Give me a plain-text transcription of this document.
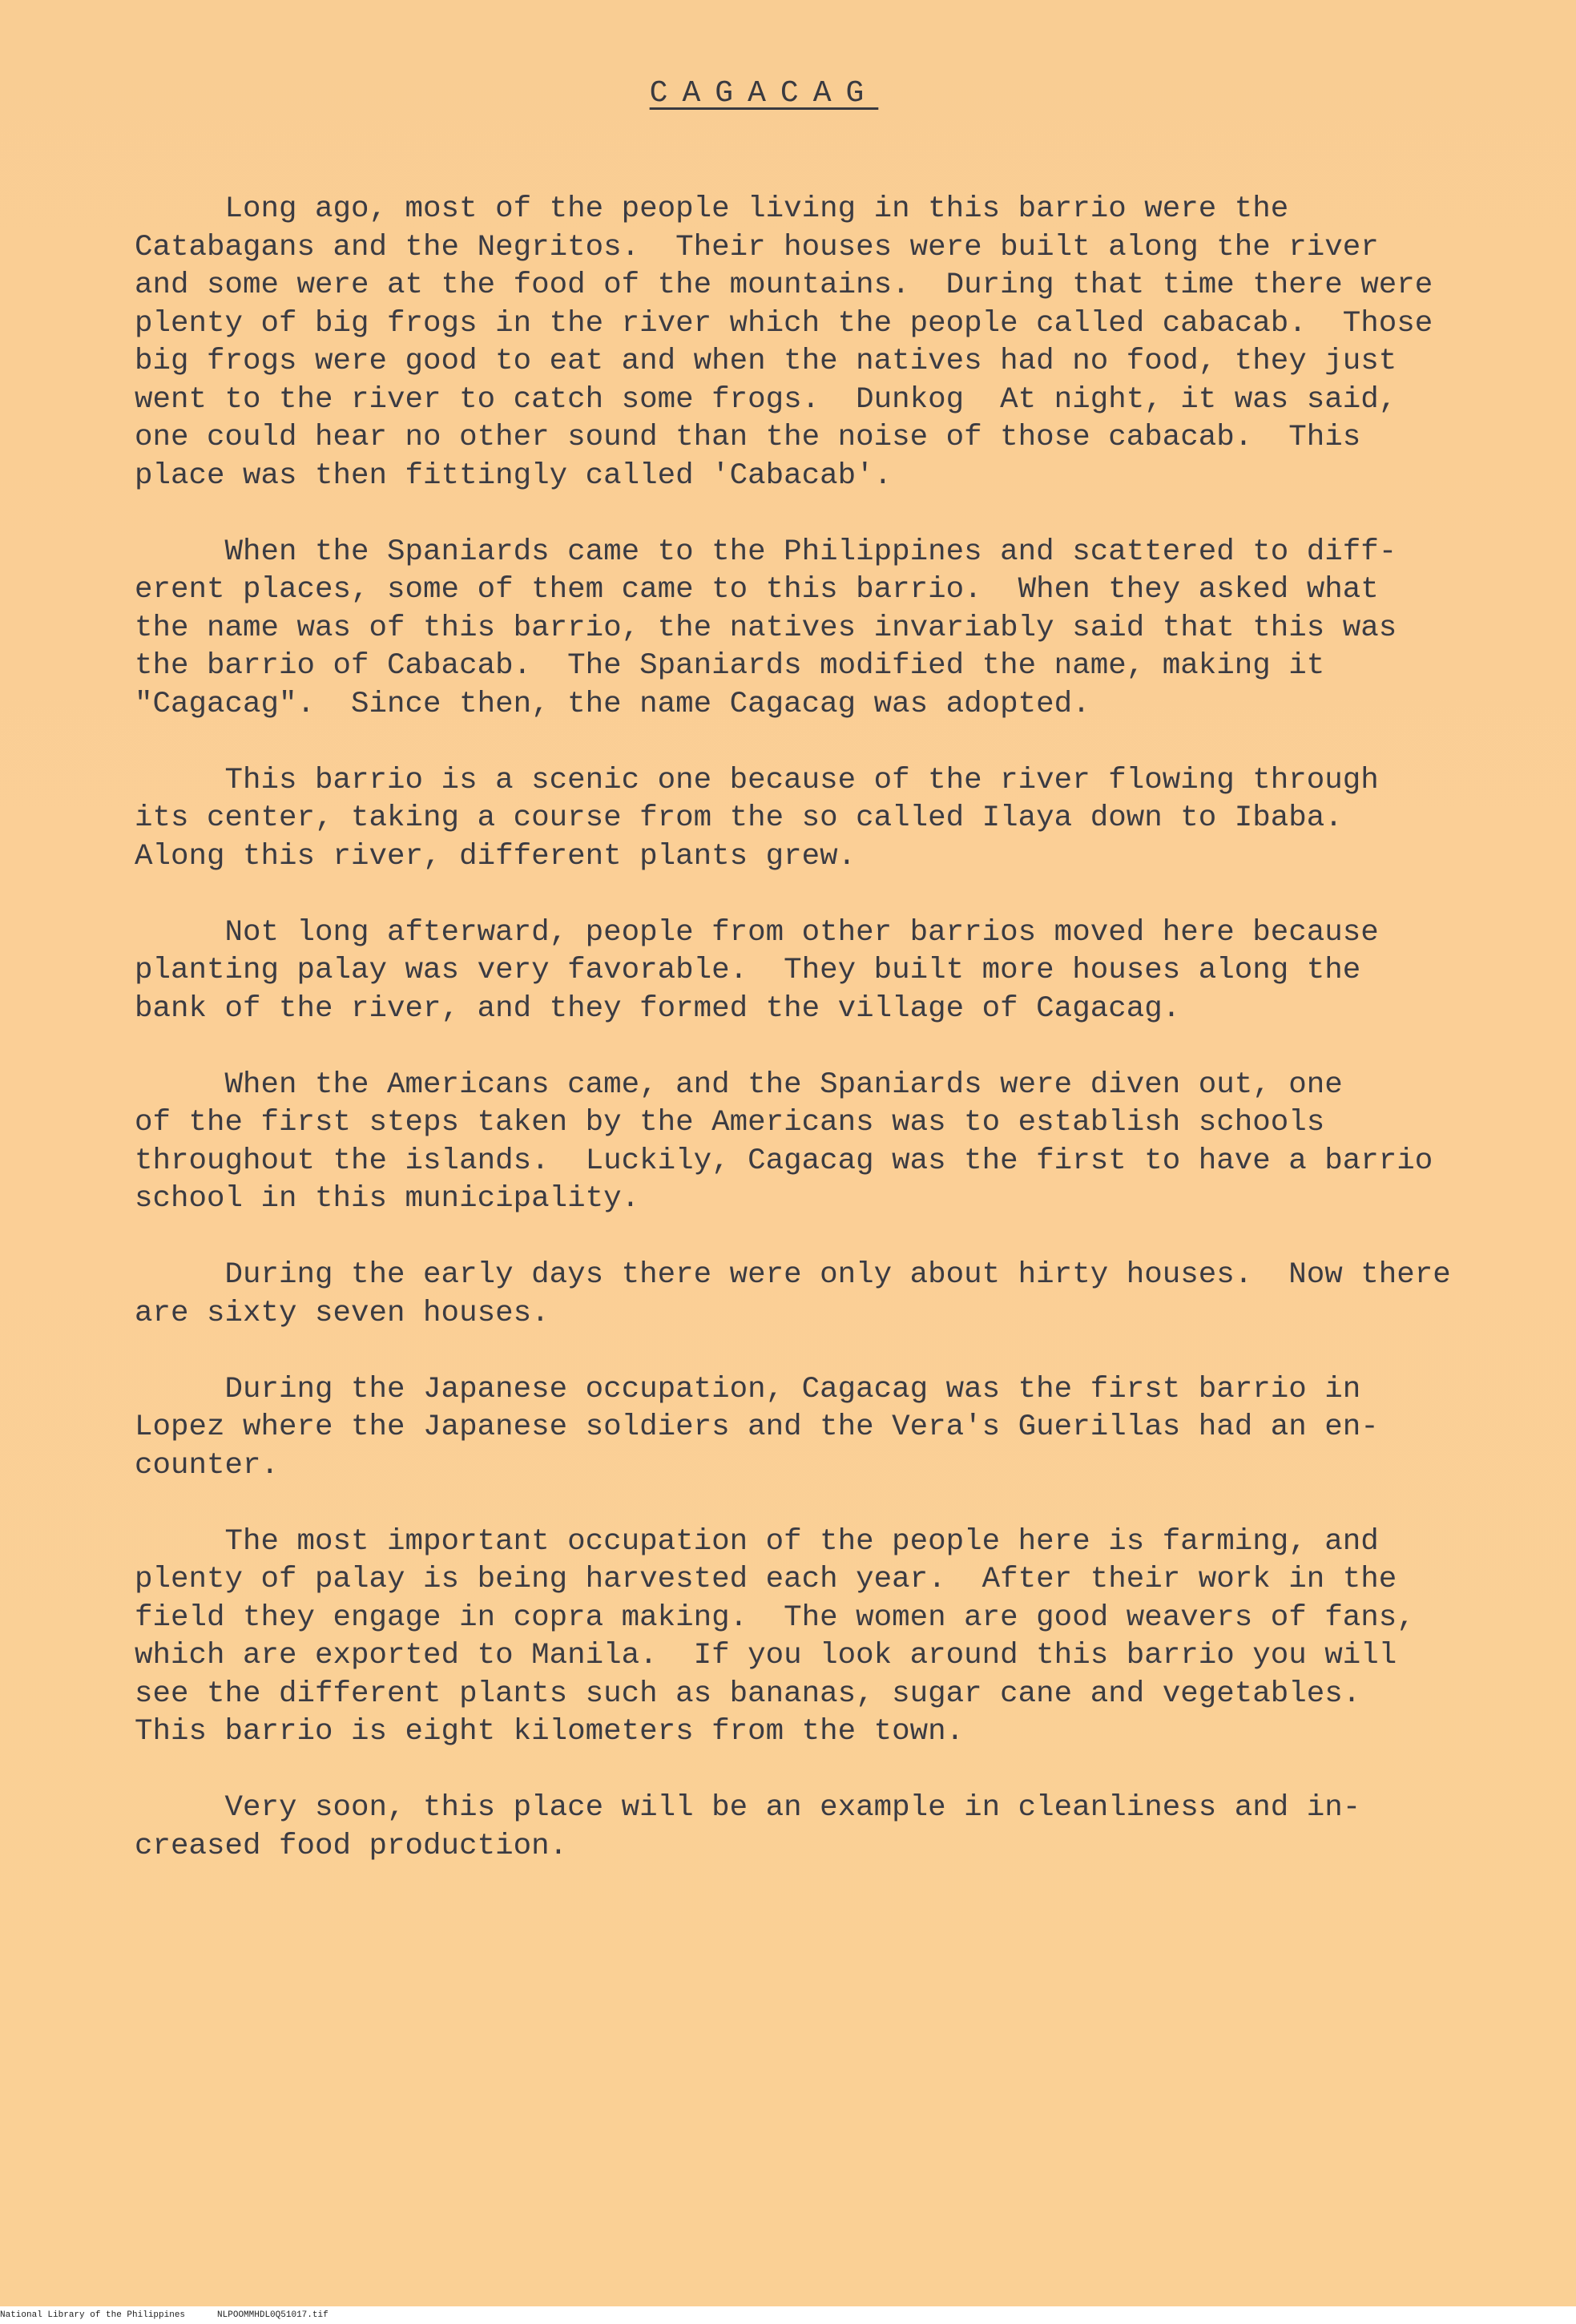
CAGACAG

Long ago, most of the people living in this barrio were the
Catabagans and the Negritos.  Their houses were built along the river
and some were at the food of the mountains.  During that time there were
plenty of big frogs in the river which the people called cabacab.  Those
big frogs were good to eat and when the natives had no food, they just
went to the river to catch some frogs.  Dunkog  At night, it was said,
one could hear no other sound than the noise of those cabacab.  This
place was then fittingly called 'Cabacab'.

When the Spaniards came to the Philippines and scattered to diff-
erent places, some of them came to this barrio.  When they asked what
the name was of this barrio, the natives invariably said that this was
the barrio of Cabacab.  The Spaniards modified the name, making it
"Cagacag".  Since then, the name Cagacag was adopted.

This barrio is a scenic one because of the river flowing through
its center, taking a course from the so called Ilaya down to Ibaba.
Along this river, different plants grew.

Not long afterward, people from other barrios moved here because
planting palay was very favorable.  They built more houses along the
bank of the river, and they formed the village of Cagacag.

When the Americans came, and the Spaniards were diven out, one
of the first steps taken by the Americans was to establish schools
throughout the islands.  Luckily, Cagacag was the first to have a barrio
school in this municipality.

During the early days there were only about hirty houses.  Now there
are sixty seven houses.

During the Japanese occupation, Cagacag was the first barrio in
Lopez where the Japanese soldiers and the Vera's Guerillas had an en-
counter.

The most important occupation of the people here is farming, and
plenty of palay is being harvested each year.  After their work in the
field they engage in copra making.  The women are good weavers of fans,
which are exported to Manila.  If you look around this barrio you will
see the different plants such as bananas, sugar cane and vegetables.
This barrio is eight kilometers from the town.

Very soon, this place will be an example in cleanliness and in-
creased food production.

National Library of the Philippines	NLPOOMMHDL0Q51017.tif
